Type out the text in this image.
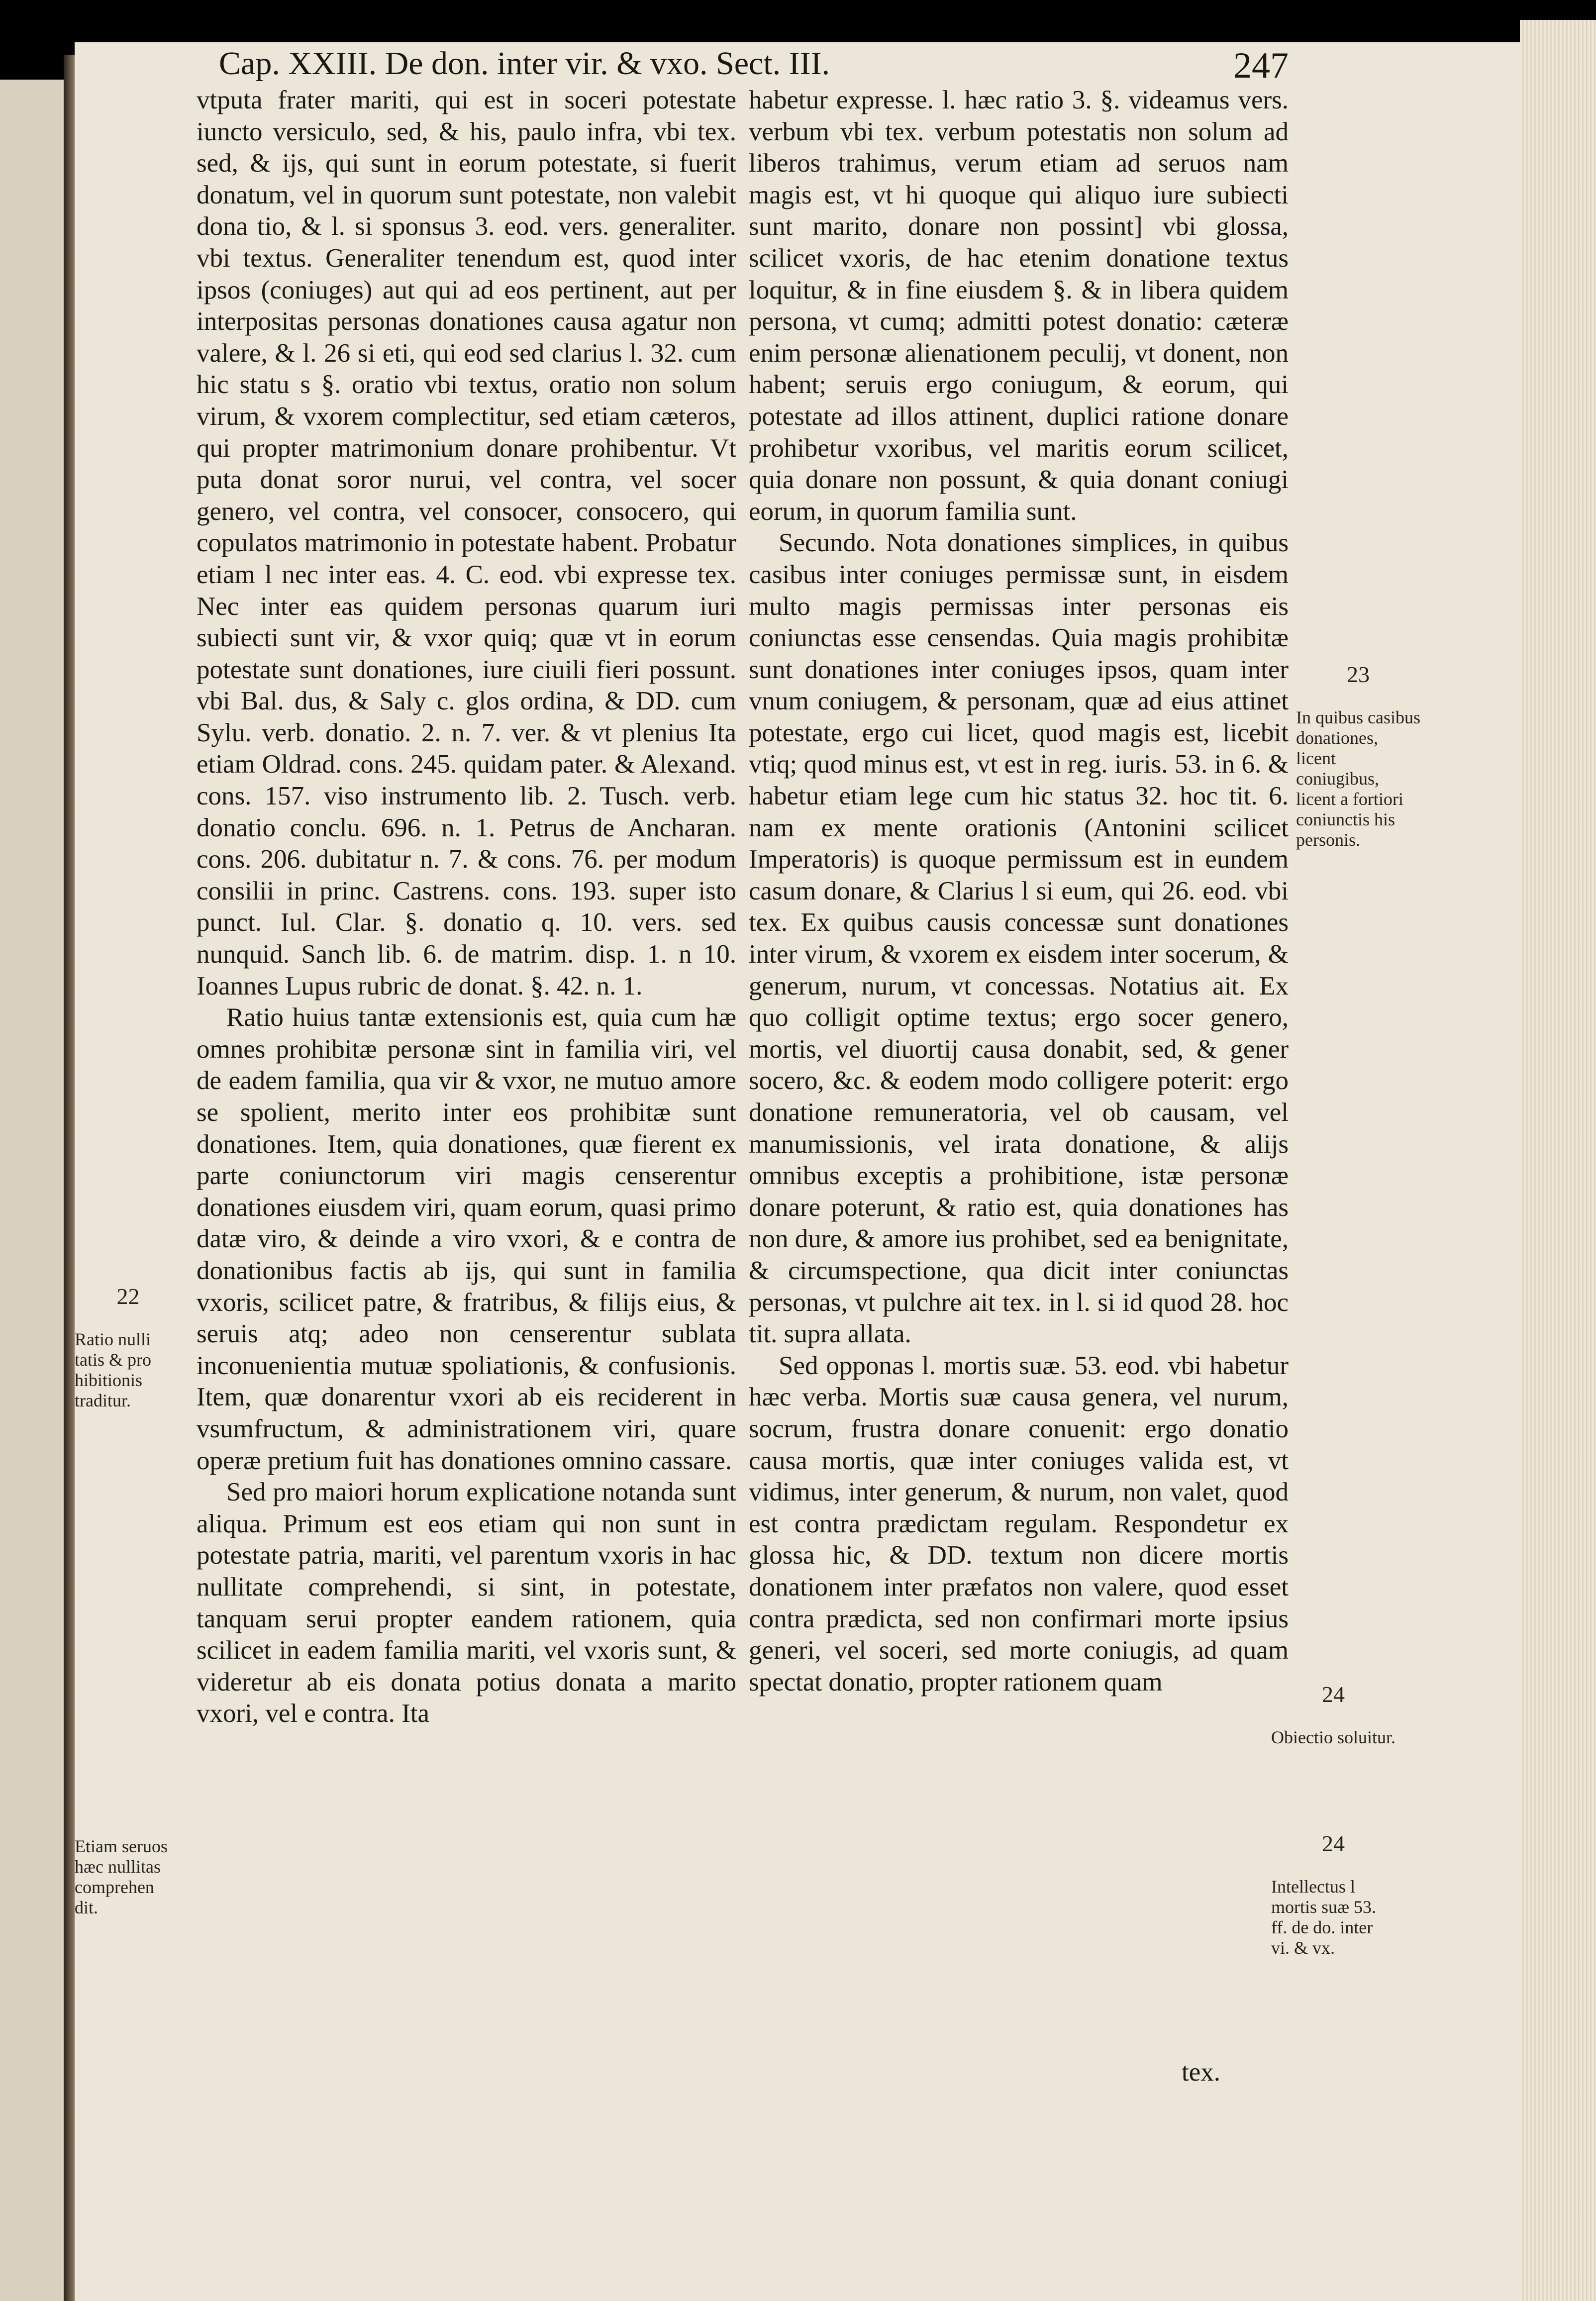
Cap. XXIII. De don. inter vir. & vxo. Sect. III.	247

vtputa frater mariti, qui est in soceri potestate iuncto versiculo, sed, & his, paulo infra, vbi tex. sed, & ijs, qui sunt in eorum potestate, si fuerit donatum, vel in quorum sunt potestate, non valebit dona tio, & l. si sponsus 3. eod. vers. generaliter. vbi textus. Generaliter tenendum est, quod inter ipsos (coniuges) aut qui ad eos pertinent, aut per interpositas personas donationes causa agatur non valere, & l. 26 si eti, qui eod sed clarius l. 32. cum hic statu s §. oratio vbi textus, oratio non solum virum, & vxorem complectitur, sed etiam cæteros, qui propter matrimonium donare prohibentur. Vt puta donat soror nurui, vel contra, vel socer genero, vel contra, vel consocer, consocero, qui copulatos matrimonio in potestate habent. Probatur etiam l nec inter eas. 4. C. eod. vbi expresse tex. Nec inter eas quidem personas quarum iuri subiecti sunt vir, & vxor quiq; quæ vt in eorum potestate sunt donationes, iure ciuili fieri possunt. vbi Bal. dus, & Saly c. glos ordina, & DD. cum Sylu. verb. donatio. 2. n. 7. ver. & vt plenius Ita etiam Oldrad. cons. 245. quidam pater. & Alexand. cons. 157. viso instrumento lib. 2. Tusch. verb. donatio conclu. 696. n. 1. Petrus de Ancharan. cons. 206. dubitatur n. 7. & cons. 76. per modum consilii in princ. Castrens. cons. 193. super isto punct. Iul. Clar. §. donatio q. 10. vers. sed nunquid. Sanch lib. 6. de matrim. disp. 1. n 10. Ioannes Lupus rubric de donat. §. 42. n. 1.

Ratio huius tantæ extensionis est, quia cum hæ omnes prohibitæ personæ sint in familia viri, vel de eadem familia, qua vir & vxor, ne mutuo amore se spolient, merito inter eos prohibitæ sunt donationes. Item, quia donationes, quæ fierent ex parte coniunctorum viri magis censerentur donationes eiusdem viri, quam eorum, quasi primo datæ viro, & deinde a viro vxori, & e contra de donationibus factis ab ijs, qui sunt in familia vxoris, scilicet patre, & fratribus, & filijs eius, & seruis atq; adeo non censerentur sublata inconuenientia mutuæ spoliationis, & confusionis. Item, quæ donarentur vxori ab eis reciderent in vsumfructum, & administrationem viri, quare operæ pretium fuit has donationes omnino cassare.

Sed pro maiori horum explicatione notanda sunt aliqua. Primum est eos etiam qui non sunt in potestate patria, mariti, vel parentum vxoris in hac nullitate comprehendi, si sint, in potestate, tanquam serui propter eandem rationem, quia scilicet in eadem familia mariti, vel vxoris sunt, & videretur ab eis donata potius donata a marito vxori, vel e contra. Ita

habetur expresse. l. hæc ratio 3. §. videamus vers. verbum vbi tex. verbum potestatis non solum ad liberos trahimus, verum etiam ad seruos nam magis est, vt hi quoque qui aliquo iure subiecti sunt marito, donare non possint] vbi glossa, scilicet vxoris, de hac etenim donatione textus loquitur, & in fine eiusdem §. & in libera quidem persona, vt cumq; admitti potest donatio: cæteræ enim personæ alienationem peculij, vt donent, non habent; seruis ergo coniugum, & eorum, qui potestate ad illos attinent, duplici ratione donare prohibetur vxoribus, vel maritis eorum scilicet, quia donare non possunt, & quia donant coniugi eorum, in quorum familia sunt.

Secundo. Nota donationes simplices, in quibus casibus inter coniuges permissæ sunt, in eisdem multo magis permissas inter personas eis coniunctas esse censendas. Quia magis prohibitæ sunt donationes inter coniuges ipsos, quam inter vnum coniugem, & personam, quæ ad eius attinet potestate, ergo cui licet, quod magis est, licebit vtiq; quod minus est, vt est in reg. iuris. 53. in 6. & habetur etiam lege cum hic status 32. hoc tit. 6. nam ex mente orationis (Antonini scilicet Imperatoris) is quoque permissum est in eundem casum donare, & Clarius l si eum, qui 26. eod. vbi tex. Ex quibus causis concessæ sunt donationes inter virum, & vxorem ex eisdem inter socerum, & generum, nurum, vt concessas. Notatius ait. Ex quo colligit optime textus; ergo socer genero, mortis, vel diuortij causa donabit, sed, & gener socero, &c. & eodem modo colligere poterit: ergo donatione remuneratoria, vel ob causam, vel manumissionis, vel irata donatione, & alijs omnibus exceptis a prohibitione, istæ personæ donare poterunt, & ratio est, quia donationes has non dure, & amore ius prohibet, sed ea benignitate, & circumspectione, qua dicit inter coniunctas personas, vt pulchre ait tex. in l. si id quod 28. hoc tit. supra allata.

Sed opponas l. mortis suæ. 53. eod. vbi habetur hæc verba. Mortis suæ causa genera, vel nurum, socrum, frustra donare conuenit: ergo donatio causa mortis, quæ inter coniuges valida est, vt vidimus, inter generum, & nurum, non valet, quod est contra prædictam regulam. Respondetur ex glossa hic, & DD. textum non dicere mortis donationem inter præfatos non valere, quod esset contra prædicta, sed non confirmari morte ipsius generi, vel soceri, sed morte coniugis, ad quam spectat donatio, propter rationem quam

tex.

22

Ratio nulli tatis & pro hibitionis traditur.

Etiam seruos hæc nullitas comprehen dit.

23

In quibus casibus donationes, licent coniugibus, licent a fortiori coniunctis his personis.

24

Obiectio soluitur.

24

Intellectus l mortis suæ 53. ff. de do. inter vi. & vx.
